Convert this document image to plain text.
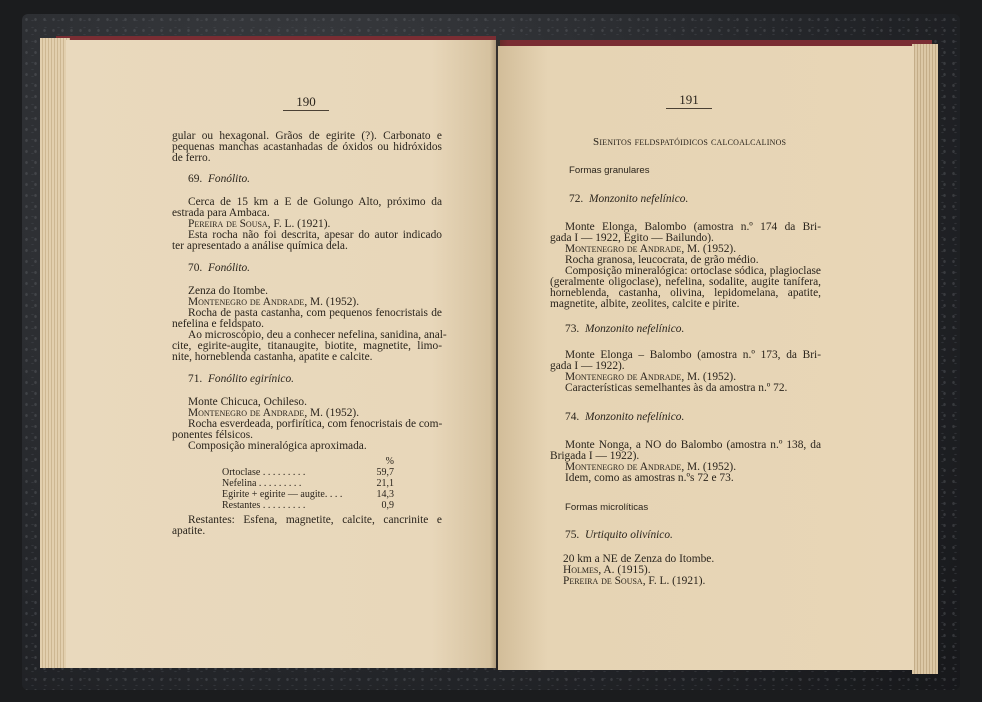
190
gular ou hexagonal. Grãos de egirite (?). Carbonato e
pequenas manchas acastanhadas de óxidos ou hidróxidos
de ferro.
69. Fonólito.
Cerca de 15 km a E de Golungo Alto, próximo da
estrada para Ambaca.
Pereira de Sousa, F. L. (1921).
Esta rocha não foi descrita, apesar do autor indicado
ter apresentado a análise química dela.
70. Fonólito.
Zenza do Itombe.
Montenegro de Andrade, M. (1952).
Rocha de pasta castanha, com pequenos fenocristais de
nefelina e feldspato.
Ao microscópio, deu a conhecer nefelina, sanidina, anal-
cite, egirite-augite, titanaugite, biotite, magnetite, limo-
nite, horneblenda castanha, apatite e calcite.
71. Fonólito egirínico.
Monte Chicuca, Ochileso.
Montenegro de Andrade, M. (1952).
Rocha esverdeada, porfirítica, com fenocristais de com-
ponentes félsicos.
Composição mineralógica aproximada.
%
Ortoclase . . . . . . . . .	59,7
Nefelina . . . . . . . . .	21,1
Egirite + egirite — augite. . . .	14,3
Restantes . . . . . . . . .	0,9
Restantes: Esfena, magnetite, calcite, cancrinite e
apatite.
191
Sienitos feldspatóidicos calcoalcalinos
Formas granulares
72. Monzonito nefelínico.
Monte Elonga, Balombo (amostra n.º 174 da Bri-
gada I — 1922, Egito — Bailundo).
Montenegro de Andrade, M. (1952).
Rocha granosa, leucocrata, de grão médio.
Composição mineralógica: ortoclase sódica, plagioclase
(geralmente oligoclase), nefelina, sodalite, augite tanífera,
horneblenda, castanha, olivina, lepidomelana, apatite,
magnetite, albite, zeolites, calcite e pirite.
73. Monzonito nefelínico.
Monte Elonga – Balombo (amostra n.º 173, da Bri-
gada I — 1922).
Montenegro de Andrade, M. (1952).
Características semelhantes às da amostra n.º 72.
74. Monzonito nefelínico.
Monte Nonga, a NO do Balombo (amostra n.º 138, da
Brigada I — 1922).
Montenegro de Andrade, M. (1952).
Idem, como as amostras n.ºs 72 e 73.
Formas microlíticas
75. Urtiquito olivínico.
20 km a NE de Zenza do Itombe.
Holmes, A. (1915).
Pereira de Sousa, F. L. (1921).
